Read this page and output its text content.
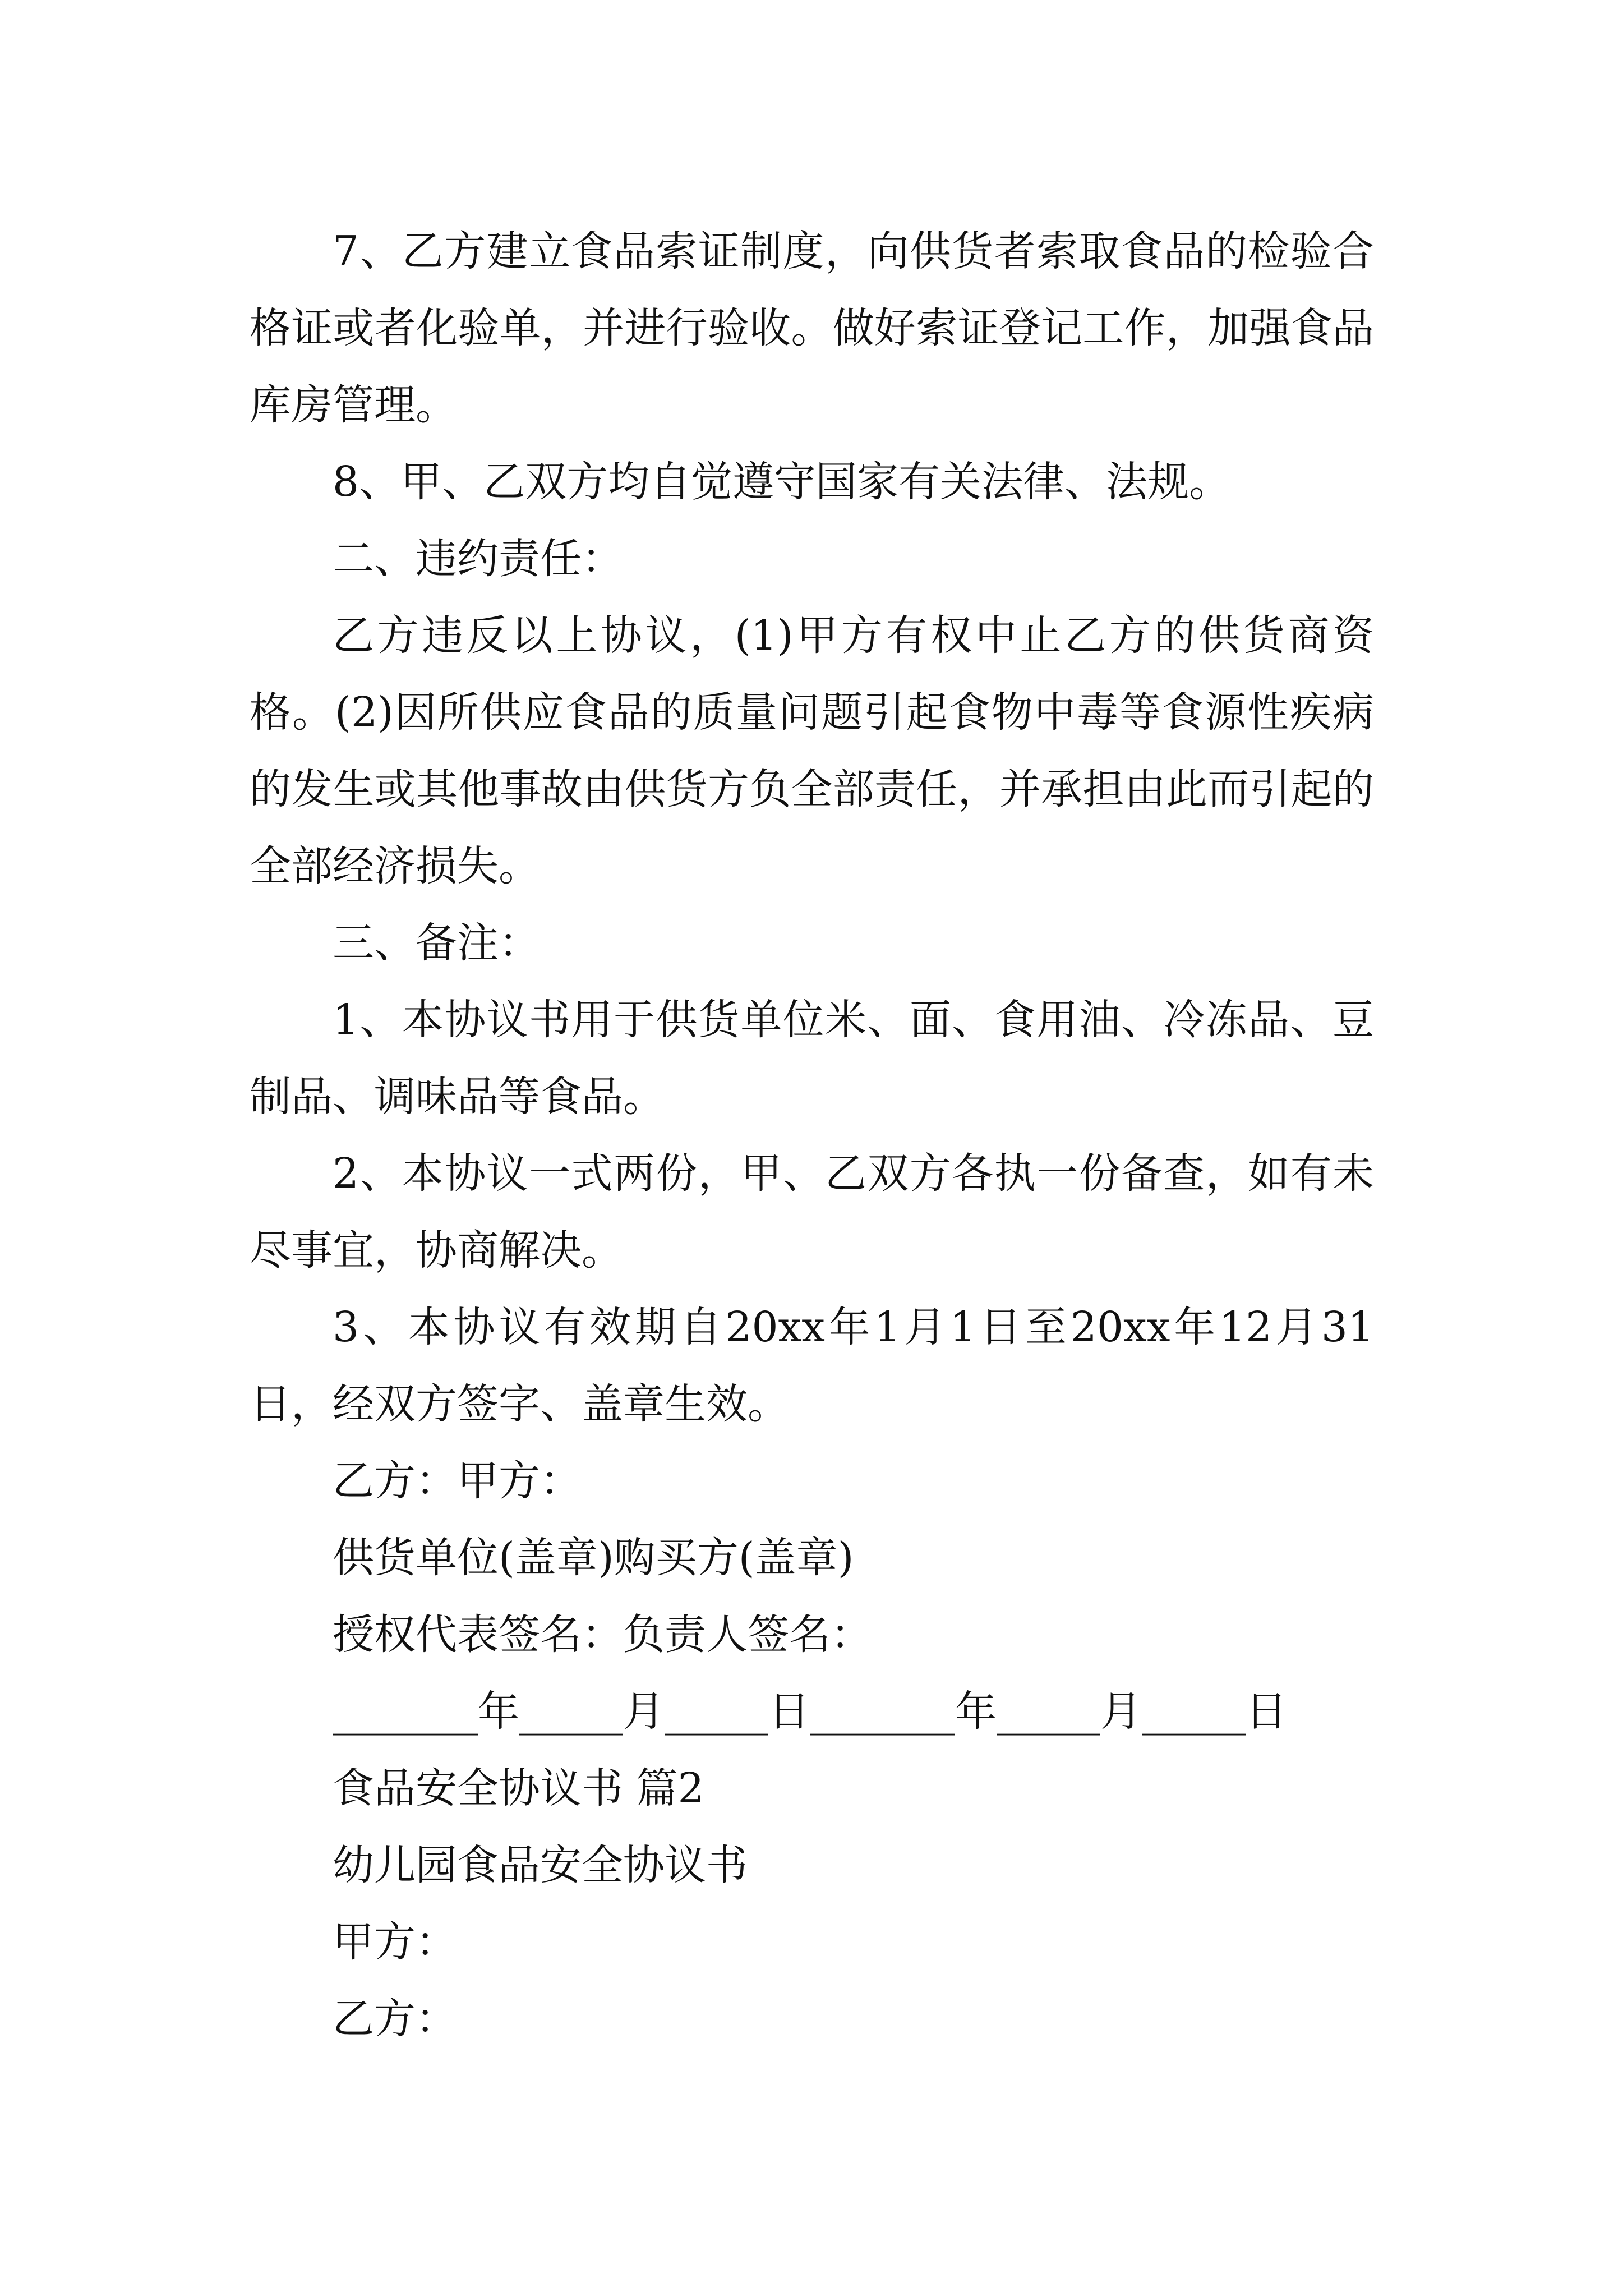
7、乙方建立食品索证制度，向供货者索取食品的检验合格证或者化验单，并进行验收。做好索证登记工作，加强食品库房管理。

8、甲、乙双方均自觉遵守国家有关法律、法规。

二、违约责任：

乙方违反以上协议，(1)甲方有权中止乙方的供货商资格。(2)因所供应食品的质量问题引起食物中毒等食源性疾病的发生或其他事故由供货方负全部责任，并承担由此而引起的全部经济损失。

三、备注：

1、本协议书用于供货单位米、面、食用油、冷冻品、豆制品、调味品等食品。

2、本协议一式两份，甲、乙双方各执一份备查，如有未尽事宜，协商解决。

3、本协议有效期自20xx年1月1日至20xx年12月31日，经双方签字、盖章生效。

乙方：甲方：

供货单位(盖章)购买方(盖章)

授权代表签名：负责人签名：

_______年_____月_____日_______年_____月_____日

食品安全协议书 篇2

幼儿园食品安全协议书

甲方：

乙方：
